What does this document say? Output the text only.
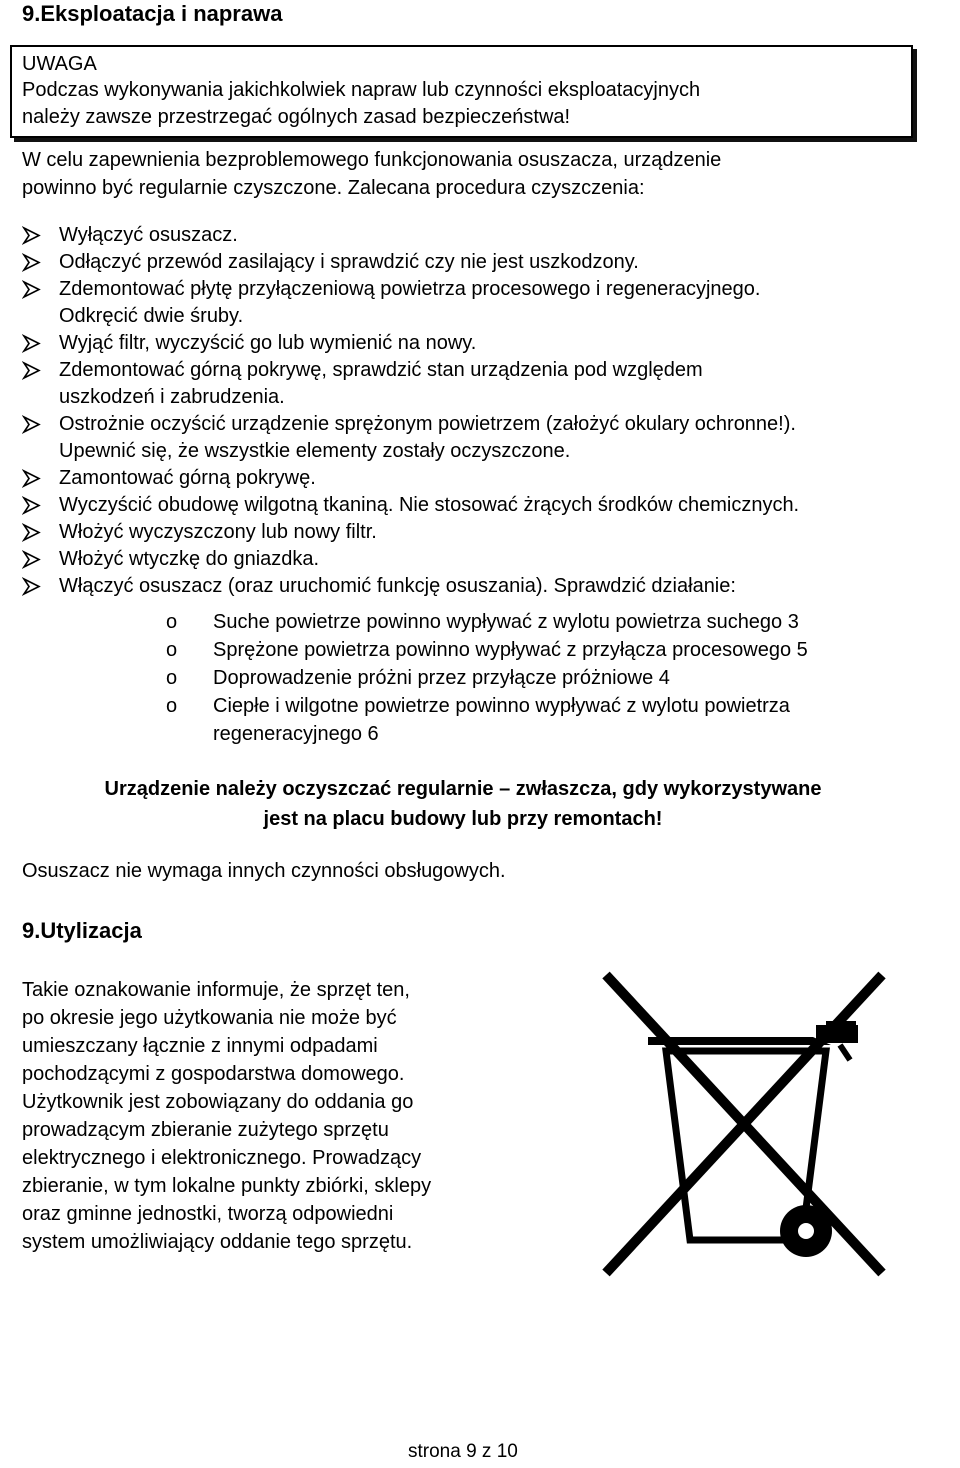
9.Eksploatacja i naprawa
UWAGA
Podczas wykonywania jakichkolwiek napraw lub czynności eksploatacyjnych
należy zawsze przestrzegać ogólnych zasad bezpieczeństwa!
W celu zapewnienia bezproblemowego funkcjonowania osuszacza, urządzenie
powinno być regularnie czyszczone. Zalecana procedura czyszczenia:
Wyłączyć osuszacz.
Odłączyć przewód zasilający i sprawdzić czy nie jest uszkodzony.
Zdemontować płytę przyłączeniową powietrza procesowego i regeneracyjnego.
Odkręcić dwie śruby.
Wyjąć filtr, wyczyścić go lub wymienić na nowy.
Zdemontować górną pokrywę, sprawdzić stan urządzenia pod względem
uszkodzeń i zabrudzenia.
Ostrożnie oczyścić urządzenie sprężonym powietrzem (założyć okulary ochronne!).
Upewnić się, że wszystkie elementy zostały oczyszczone.
Zamontować górną pokrywę.
Wyczyścić obudowę wilgotną tkaniną. Nie stosować żrących środków chemicznych.
Włożyć wyczyszczony lub nowy filtr.
Włożyć wtyczkę do gniazdka.
Włączyć osuszacz (oraz uruchomić funkcję osuszania). Sprawdzić działanie:
o Suche powietrze powinno wypływać z wylotu powietrza suchego 3
o Sprężone powietrza powinno wypływać z przyłącza procesowego 5
o Doprowadzenie próżni przez przyłącze próżniowe 4
o Ciepłe i wilgotne powietrze powinno wypływać z wylotu powietrza
regeneracyjnego 6
Urządzenie należy oczyszczać regularnie – zwłaszcza, gdy wykorzystywane
jest na placu budowy lub przy remontach!
Osuszacz nie wymaga innych czynności obsługowych.
9.Utylizacja
Takie oznakowanie informuje, że sprzęt ten,
po okresie jego użytkowania nie może być
umieszczany łącznie z innymi odpadami
pochodzącymi z gospodarstwa domowego.
Użytkownik jest zobowiązany do oddania go
prowadzącym zbieranie zużytego sprzętu
elektrycznego i elektronicznego. Prowadzący
zbieranie, w tym lokalne punkty zbiórki, sklepy
oraz gminne jednostki, tworzą odpowiedni
system umożliwiający oddanie tego sprzętu.
strona 9 z 10
